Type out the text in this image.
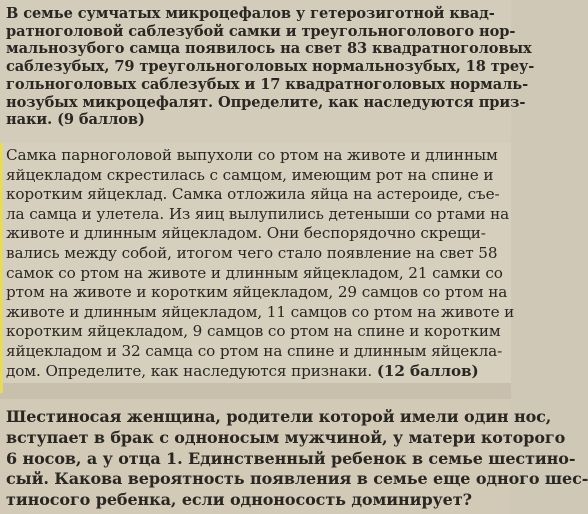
В семье сумчатых микроцефалов у гетерозиготной квад-
ратноголовой саблезубой самки и треугольноголового нор-
мальнозубого самца появилось на свет 83 квадратноголовых
саблезубых, 79 треугольноголовых нормальнозубых, 18 треу-
гольноголовых саблезубых и 17 квадратноголовых нормаль-
нозубых микроцефалят. Определите, как наследуются приз-
наки. (9 баллов)
Самка парноголовой выпухоли со ртом на животе и длинным
яйцекладом скрестилась с самцом, имеющим рот на спине и
коротким яйцеклад. Самка отложила яйца на астероиде, съе-
ла самца и улетела. Из яиц вылупились детеныши со ртами на
животе и длинным яйцекладом. Они беспорядочно скрещи-
вались между собой, итогом чего стало появление на свет 58
самок со ртом на животе и длинным яйцекладом, 21 самки со
ртом на животе и коротким яйцекладом, 29 самцов со ртом на
животе и длинным яйцекладом, 11 самцов со ртом на животе и
коротким яйцекладом, 9 самцов со ртом на спине и коротким
яйцекладом и 32 самца со ртом на спине и длинным яйцекла-
дом. Определите, как наследуются признаки. (12 баллов)
Шестиносая женщина, родители которой имели один нос,
вступает в брак с одноносым мужчиной, у матери которого
6 носов, а у отца 1. Единственный ребенок в семье шестино-
сый. Какова вероятность появления в семье еще одного шес-
тиносого ребенка, если одноносость доминирует?
